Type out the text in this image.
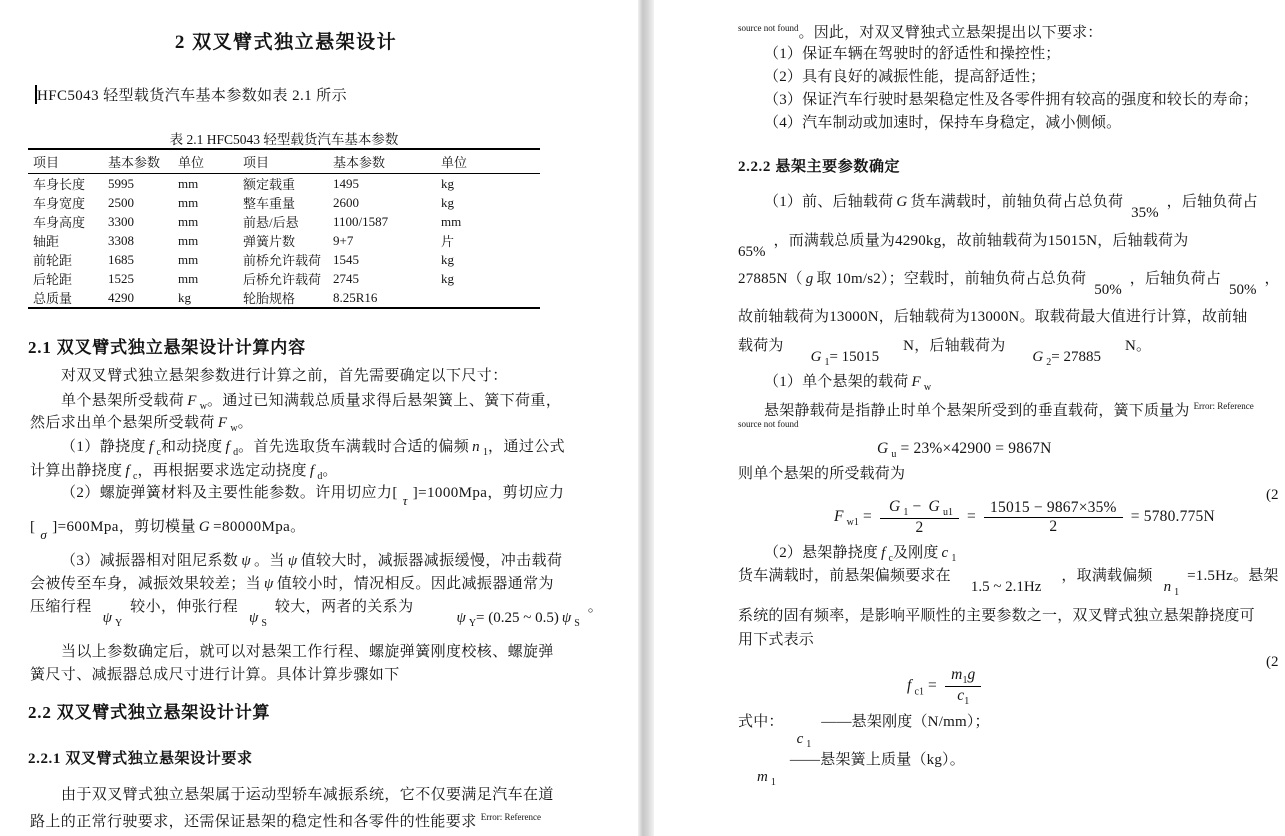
2 双叉臂式独立悬架设计
HFC5043 轻型载货汽车基本参数如表 2.1 所示
表 2.1 HFC5043 轻型载货汽车基本参数
项目	基本参数	单位	项目	基本参数	单位
车身长度	5995	mm	额定载重	1495	kg
车身宽度	2500	mm	整车重量	2600	kg
车身高度	3300	mm	前悬/后悬	1100/1587	mm
轴距	3308	mm	弹簧片数	9+7	片
前轮距	1685	mm	前桥允许载荷	1545	kg
后轮距	1525	mm	后桥允许载荷	2745	kg
总质量	4290	kg	轮胎规格	8.25R16	
2.1 双叉臂式独立悬架设计计算内容
对双叉臂式独立悬架参数进行计算之前，首先需要确定以下尺寸：
单个悬架所受载荷 F $_w$。通过已知满载总质量求得后悬架簧上、簧下荷重，
然后求出单个悬架所受载荷 F $_w$。
（1）静挠度 f $_c$和动挠度 f $_d$。首先选取货车满载时合适的偏频 n $_1$，通过公式
计算出静挠度 f $_c$，再根据要求选定动挠度 f $_d$。
（2）螺旋弹簧材料及主要性能参数。许用切应力[ τ ]=1000Mpa，剪切应力
[ σ ]=600Mpa，剪切模量 G =80000Mpa。
（3）减振器相对阻尼系数 ψ 。当 ψ 值较大时，减振器减振缓慢，冲击载荷
会被传至车身，减振效果较差；当 ψ 值较小时，情况相反。因此减振器通常为
压缩行程ψ $_Y$较小，伸张行程ψ $_S$较大，两者的关系为ψ $_Y$= (0.25 ~ 0.5) ψ $_S$。
当以上参数确定后，就可以对悬架工作行程、螺旋弹簧刚度校核、螺旋弹
簧尺寸、减振器总成尺寸进行计算。具体计算步骤如下
2.2 双叉臂式独立悬架设计计算
2.2.1 双叉臂式独立悬架设计要求
由于双叉臂式独立悬架属于运动型轿车减振系统，它不仅要满足汽车在道
路上的正常行驶要求，还需保证悬架的稳定性和各零件的性能要求 $^{Error: Reference}$
$^{source not found}$。因此，对双叉臂独式立悬架提出以下要求：
（1）保证车辆在驾驶时的舒适性和操控性；
（2）具有良好的减振性能，提高舒适性；
（3）保证汽车行驶时悬架稳定性及各零件拥有较高的强度和较长的寿命；
（4）汽车制动或加速时，保持车身稳定，减小侧倾。
2.2.2 悬架主要参数确定
（1）前、后轴载荷 G 货车满载时，前轴负荷占总负荷35%，后轴负荷占
65%，而满载总质量为4290kg，故前轴载荷为15015N，后轴载荷为
27885N（ g 取 10m/s2）；空载时，前轴负荷占总负荷50%，后轴负荷占50%，
故前轴载荷为13000N，后轴载荷为13000N。取载荷最大值进行计算，故前轴
载荷为G $_1$= 15015N，后轴载荷为G $_2$= 27885N。
（1）单个悬架的载荷 F $_w$
悬架静载荷是指静止时单个悬架所受到的垂直载荷，簧下质量为 $^{Error: Reference}$
source not found
G $_u$ = 23%×42900 = 9867N
则单个悬架的所受载荷为
(2
F $_{w1} = \frac{G _1 - G _{u1}}{2} = \frac{15015 - 9867\times 35\%}{2} = 5780.775N$
（2）悬架静挠度 f $_c$及刚度 c $_1$
货车满载时，前悬架偏频要求在1.5 ~ 2.1Hz，取满载偏频n $_1$=1.5Hz。悬架
系统的固有频率，是影响平顺性的主要参数之一，双叉臂式独立悬架静挠度可
用下式表示
(2
f $_{c1} = \frac{m_1g}{c_1}$
式中：c $_1$——悬架刚度（N/mm）；
m $_1$——悬架簧上质量（kg）。
